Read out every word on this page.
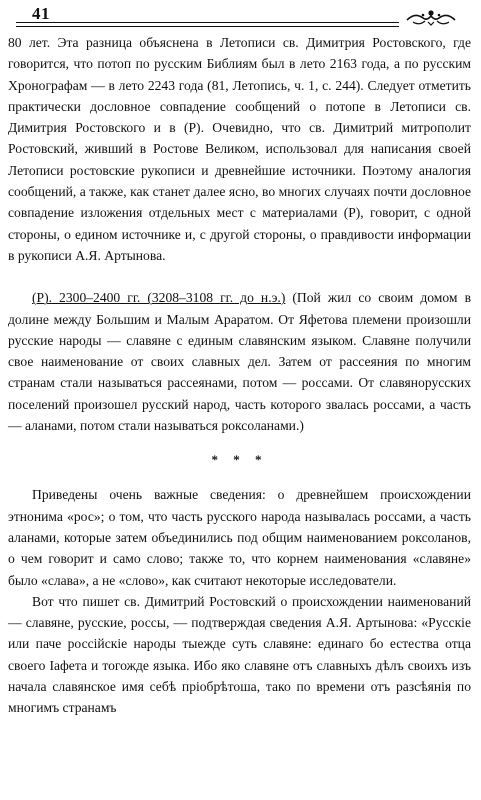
41

80 лет. Эта разница объяснена в Летописи св. Димитрия Ростовского, где говорится, что потоп по русским Библиям был в лето 2163 года, а по русским Хронографам — в лето 2243 года (81, Летопись, ч. 1, с. 244). Следует отметить практически дословное совпадение сообщений о потопе в Летописи св. Димитрия Ростовского и в (Р). Очевидно, что св. Димитрий митрополит Ростовский, живший в Ростове Великом, использовал для написания своей Летописи ростовские рукописи и древнейшие источники. Поэтому аналогия сообщений, а также, как станет далее ясно, во многих случаях почти дословное совпадение изложения отдельных мест с материалами (Р), говорит, с одной стороны, о едином источнике и, с другой стороны, о правдивости информации в рукописи А.Я. Артынова.

(Р). 2300–2400 гг. (3208–3108 гг. до н.э.) (Пой жил со своим домом в долине между Большим и Малым Араратом. От Яфетова племени произошли русские народы — славяне с единым славянским языком. Славяне получили свое наименование от своих славных дел. Затем от рассеяния по многим странам стали называться рассеянами, потом — россами. От славянорусских поселений произошел русский народ, часть которого звалась россами, а часть — аланами, потом стали называться роксоланами.)

* * *

Приведены очень важные сведения: о древнейшем происхождении этнонима «рос»; о том, что часть русского народа называлась россами, а часть аланами, которые затем объединились под общим наименованием роксоланов, о чем говорит и само слово; также то, что корнем наименования «славяне» было «слава», а не «слово», как считают некоторые исследователи.

Вот что пишет св. Димитрий Ростовский о происхождении наименований — славяне, русские, россы, — подтверждая сведения А.Я. Артынова: «Русскiе или паче россiйскiе народы тыежде суть славяне: единаго бо естества отца своего Іафета и тогожде языка. Ибо яко славяне отъ славныхъ дѣлъ своихъ изъ начала славянское имя себѣ прiобрѣтоша, тако по времени отъ разсѣянiя по многимъ странамъ
